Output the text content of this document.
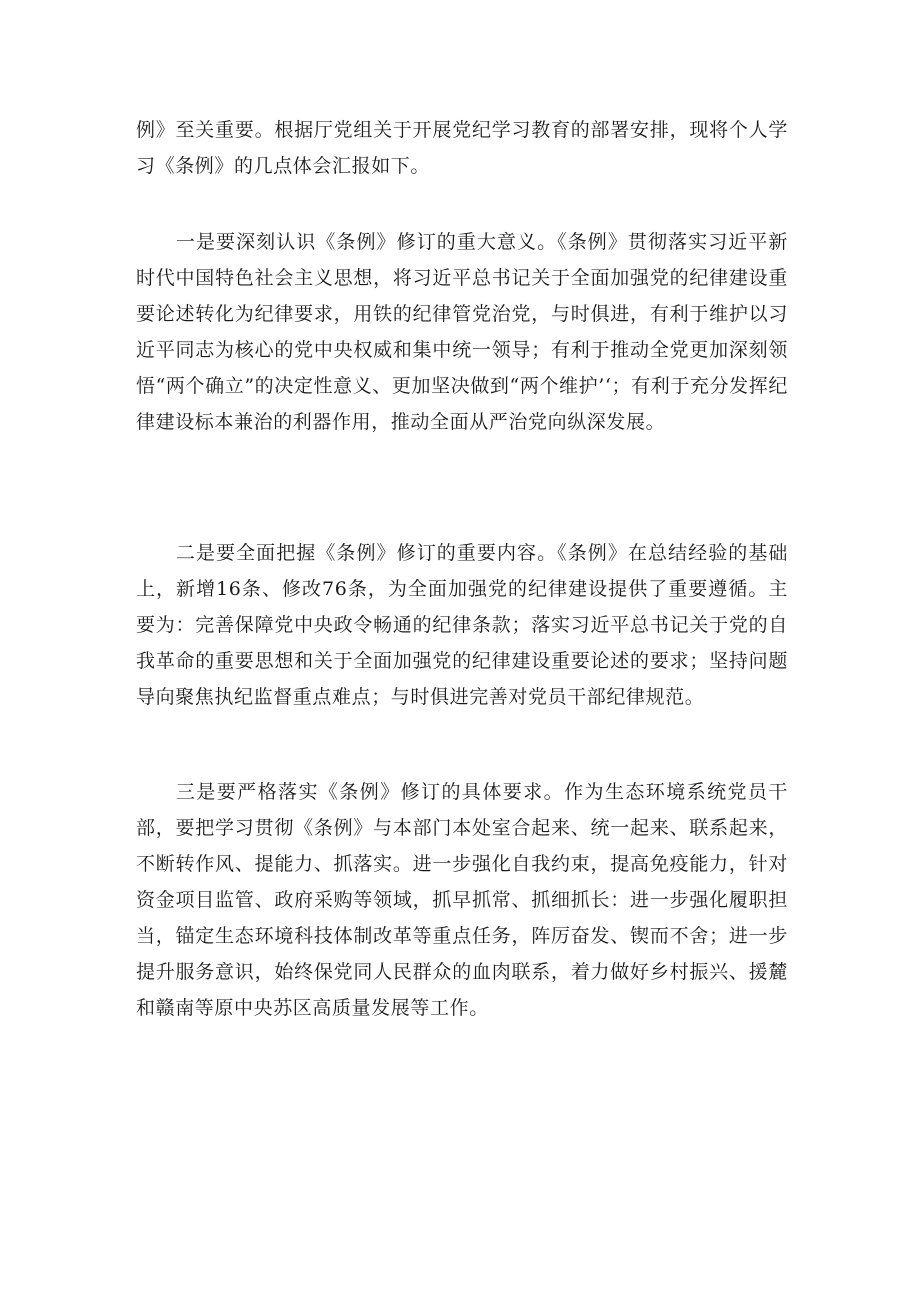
例》至关重要。根据厅党组关于开展党纪学习教育的部署安排，现将个人学习《条例》的几点体会汇报如下。

一是要深刻认识《条例》修订的重大意义。《条例》贯彻落实习近平新时代中国特色社会主义思想，将习近平总书记关于全面加强党的纪律建设重要论述转化为纪律要求，用铁的纪律管党治党，与时俱进，有利于维护以习近平同志为核心的党中央权威和集中统一领导；有利于推动全党更加深刻领悟“两个确立”的决定性意义、更加坚决做到“两个维护’‘；有利于充分发挥纪律建设标本兼治的利器作用，推动全面从严治党向纵深发展。

二是要全面把握《条例》修订的重要内容。《条例》在总结经验的基础上，新增16条、修改76条，为全面加强党的纪律建设提供了重要遵循。主要为：完善保障党中央政令畅通的纪律条款；落实习近平总书记关于党的自我革命的重要思想和关于全面加强党的纪律建设重要论述的要求；坚持问题导向聚焦执纪监督重点难点；与时俱进完善对党员干部纪律规范。

三是要严格落实《条例》修订的具体要求。作为生态环境系统党员干部，要把学习贯彻《条例》与本部门本处室合起来、统一起来、联系起来，不断转作风、提能力、抓落实。进一步强化自我约束，提高免疫能力，针对资金项目监管、政府采购等领域，抓早抓常、抓细抓长：进一步强化履职担当，锚定生态环境科技体制改革等重点任务，阵厉奋发、锲而不舍；进一步提升服务意识，始终保党同人民群众的血肉联系，着力做好乡村振兴、援麓和赣南等原中央苏区高质量发展等工作。
